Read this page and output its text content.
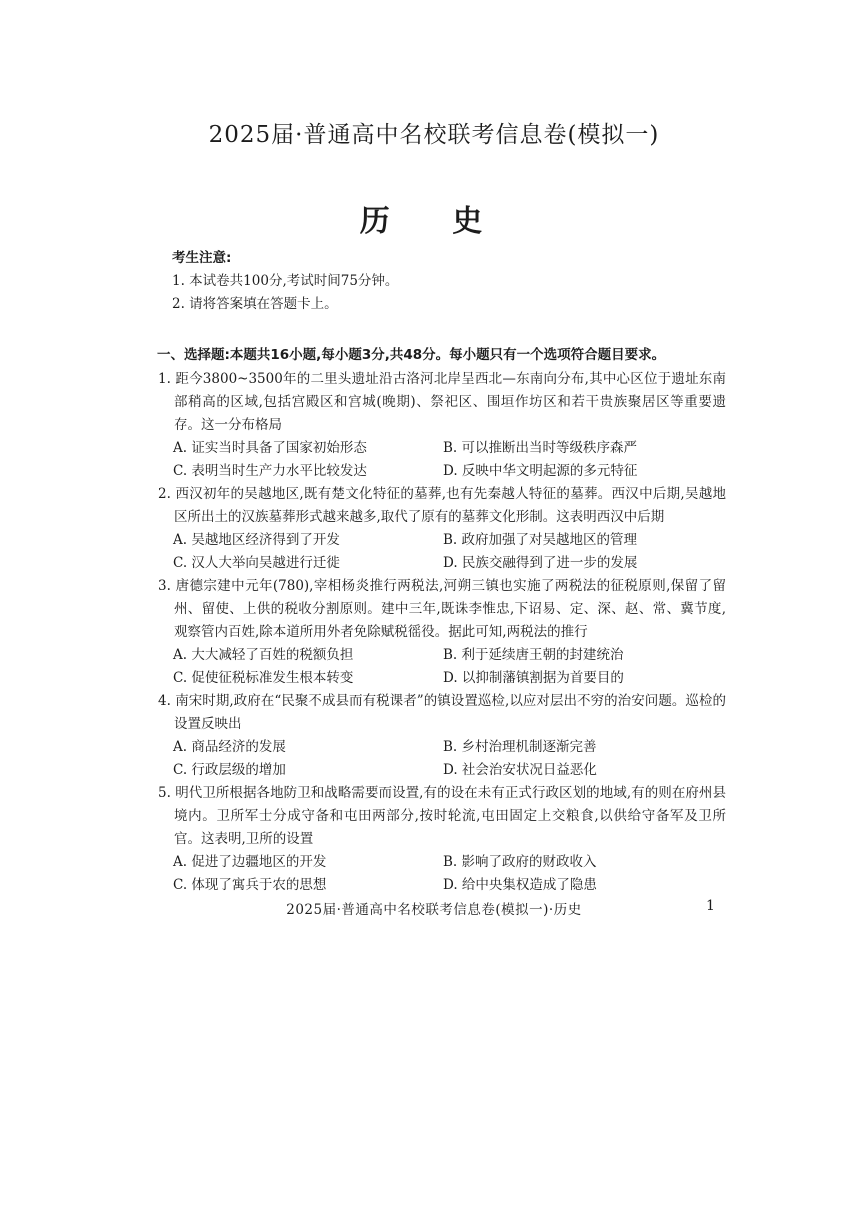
2025届·普通高中名校联考信息卷(模拟一)
历 史
考生注意:
1. 本试卷共100分,考试时间75分钟。
2. 请将答案填在答题卡上。
一、选择题:本题共16小题,每小题3分,共48分。每小题只有一个选项符合题目要求。
1. 距今3800~3500年的二里头遗址沿古洛河北岸呈西北—东南向分布,其中心区位于遗址东南部稍高的区域,包括宫殿区和宫城(晚期)、祭祀区、围垣作坊区和若干贵族聚居区等重要遗存。这一分布格局
A. 证实当时具备了国家初始形态	B. 可以推断出当时等级秩序森严
C. 表明当时生产力水平比较发达	D. 反映中华文明起源的多元特征
2. 西汉初年的吴越地区,既有楚文化特征的墓葬,也有先秦越人特征的墓葬。西汉中后期,吴越地区所出土的汉族墓葬形式越来越多,取代了原有的墓葬文化形制。这表明西汉中后期
A. 吴越地区经济得到了开发	B. 政府加强了对吴越地区的管理
C. 汉人大举向吴越进行迁徙	D. 民族交融得到了进一步的发展
3. 唐德宗建中元年(780),宰相杨炎推行两税法,河朔三镇也实施了两税法的征税原则,保留了留州、留使、上供的税收分割原则。建中三年,既诛李惟忠,下诏易、定、深、赵、常、冀节度,观察管内百姓,除本道所用外者免除赋税徭役。据此可知,两税法的推行
A. 大大减轻了百姓的税额负担	B. 利于延续唐王朝的封建统治
C. 促使征税标准发生根本转变	D. 以抑制藩镇割据为首要目的
4. 南宋时期,政府在“民聚不成县而有税课者”的镇设置巡检,以应对层出不穷的治安问题。巡检的设置反映出
A. 商品经济的发展	B. 乡村治理机制逐渐完善
C. 行政层级的增加	D. 社会治安状况日益恶化
5. 明代卫所根据各地防卫和战略需要而设置,有的设在未有正式行政区划的地域,有的则在府州县境内。卫所军士分成守备和屯田两部分,按时轮流,屯田固定上交粮食,以供给守备军及卫所官。这表明,卫所的设置
A. 促进了边疆地区的开发	B. 影响了政府的财政收入
C. 体现了寓兵于农的思想	D. 给中央集权造成了隐患
2025届·普通高中名校联考信息卷(模拟一)·历史	1
